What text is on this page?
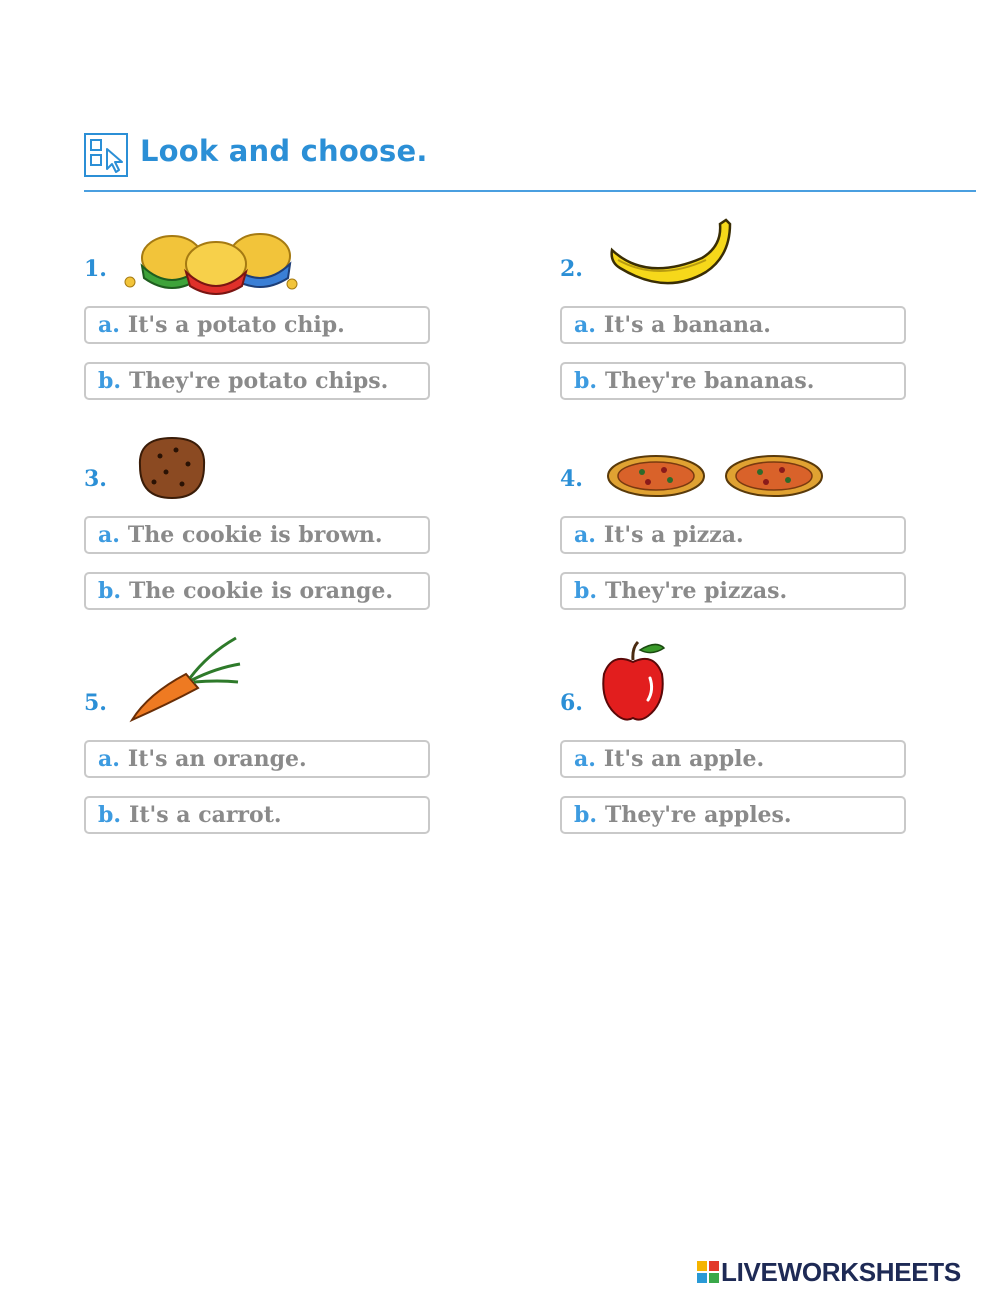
Look and choose.
1.
a. It's a potato chip.
b. They're potato chips.
2.
a. It's a banana.
b. They're bananas.
3.
a. The cookie is brown.
b. The cookie is orange.
4.
a. It's a pizza.
b. They're pizzas.
5.
a. It's an orange.
b. It's a carrot.
6.
a. It's an apple.
b. They're apples.
LIVEWORKSHEETS
